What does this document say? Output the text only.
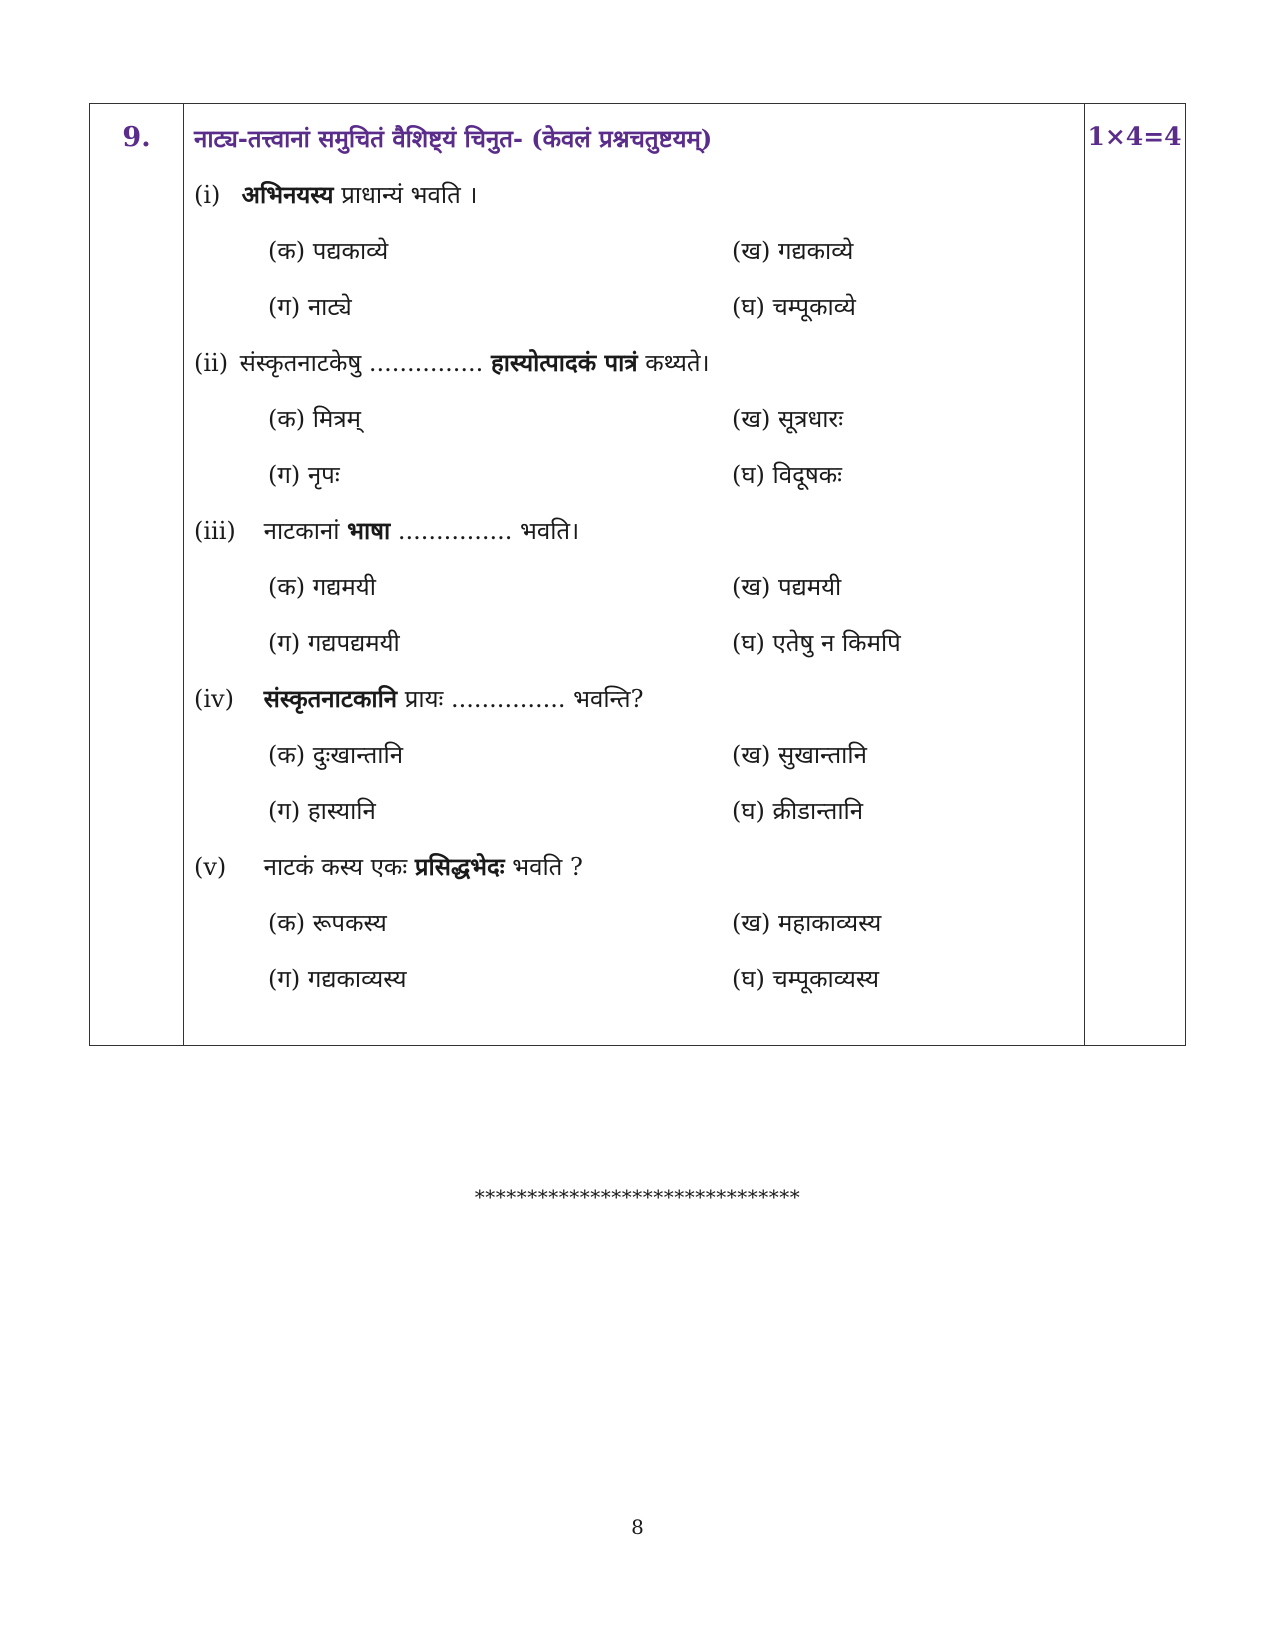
9.	1×4=4
नाट्य-तत्त्वानां समुचितं वैशिष्ट्यं चिनुत- (केवलं प्रश्नचतुष्टयम्)
(i) अभिनयस्य प्राधान्यं भवति ।
(क) पद्यकाव्ये	(ख) गद्यकाव्ये
(ग) नाट्ये	(घ) चम्पूकाव्ये
(ii) संस्कृतनाटकेषु ............... हास्योत्पादकं पात्रं कथ्यते।
(क) मित्रम्	(ख) सूत्रधारः
(ग) नृपः	(घ) विदूषकः
(iii) नाटकानां भाषा ............... भवति।
(क) गद्यमयी	(ख) पद्यमयी
(ग) गद्यपद्यमयी	(घ) एतेषु न किमपि
(iv) संस्कृतनाटकानि प्रायः ............... भवन्ति?
(क) दुःखान्तानि	(ख) सुखान्तानि
(ग) हास्यानि	(घ) क्रीडान्तानि
(v) नाटकं कस्य एकः प्रसिद्धभेदः भवति ?
(क) रूपकस्य	(ख) महाकाव्यस्य
(ग) गद्यकाव्यस्य	(घ) चम्पूकाव्यस्य
*******************************
8
